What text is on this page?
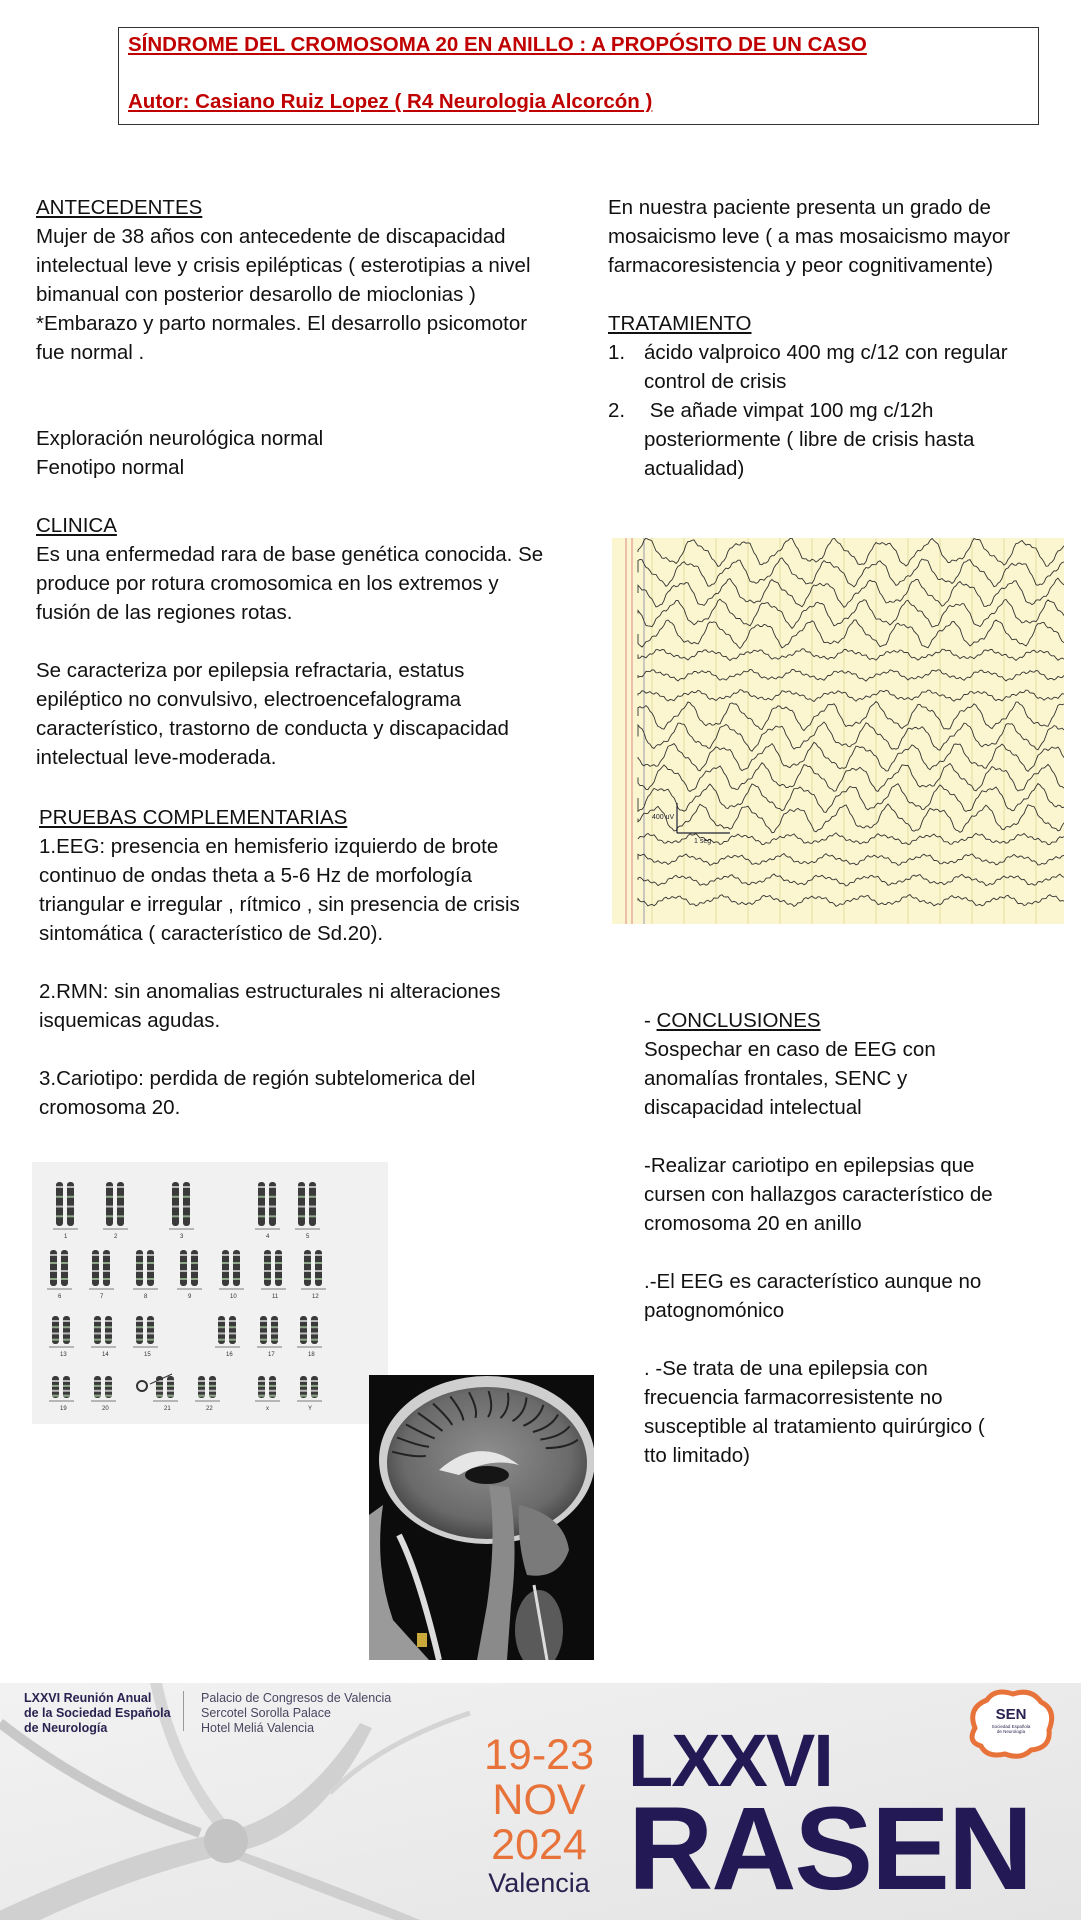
SÍNDROME DEL CROMOSOMA 20 EN ANILLO : A PROPÓSITO DE UN CASO
Autor: Casiano Ruiz Lopez ( R4 Neurologia Alcorcón )
ANTECEDENTES
Mujer de 38 años con antecedente de discapacidad
intelectual leve y crisis epilépticas ( esterotipias a nivel
bimanual con posterior desarollo de mioclonias )
*Embarazo y parto normales. El desarrollo psicomotor
fue normal .
Exploración neurológica normal
Fenotipo normal
CLINICA
Es una enfermedad rara de base genética conocida. Se
produce por rotura cromosomica en los extremos y
fusión de las regiones rotas.
Se caracteriza por epilepsia refractaria, estatus
epiléptico no convulsivo, electroencefalograma
característico, trastorno de conducta y discapacidad
intelectual leve-moderada.
PRUEBAS COMPLEMENTARIAS
1.EEG: presencia en hemisferio izquierdo de brote
continuo de ondas theta a 5-6 Hz de morfología
triangular e irregular , rítmico , sin presencia de crisis
sintomática ( característico de Sd.20).
2.RMN: sin anomalias estructurales ni alteraciones
isquemicas agudas.
3.Cariotipo: perdida de región subtelomerica del
cromosoma 20.
En nuestra paciente presenta un grado de
mosaicismo leve ( a mas mosaicismo mayor
farmacoresistencia y peor cognitivamente)
TRATAMIENTO
1. ácido valproico 400 mg c/12 con regular
control de crisis
2. Se añade vimpat 100 mg c/12h
posteriormente ( libre de crisis hasta
actualidad)
400 uV
1 seg
- CONCLUSIONES
Sospechar en caso de EEG con
anomalías frontales, SENC y
discapacidad intelectual
-Realizar cariotipo en epilepsias que
cursen con hallazgos característico de
cromosoma 20 en anillo
.-El EEG es característico aunque no
patognomónico
. -Se trata de una epilepsia con
frecuencia farmacorresistente no
susceptible al tratamiento quirúrgico (
tto limitado)
1	2	3	4	5
6	7	8	9	10	11	12
13	14	15	16	17	18
19	20	21	22	x	Y
LXXVI Reunión Anual
de la Sociedad Española
de Neurología
Palacio de Congresos de Valencia
Sercotel Sorolla Palace
Hotel Meliá Valencia
19-23
NOV
2024
Valencia
LXXVI
RASEN
SEN
Sociedad Española
de Neurología
